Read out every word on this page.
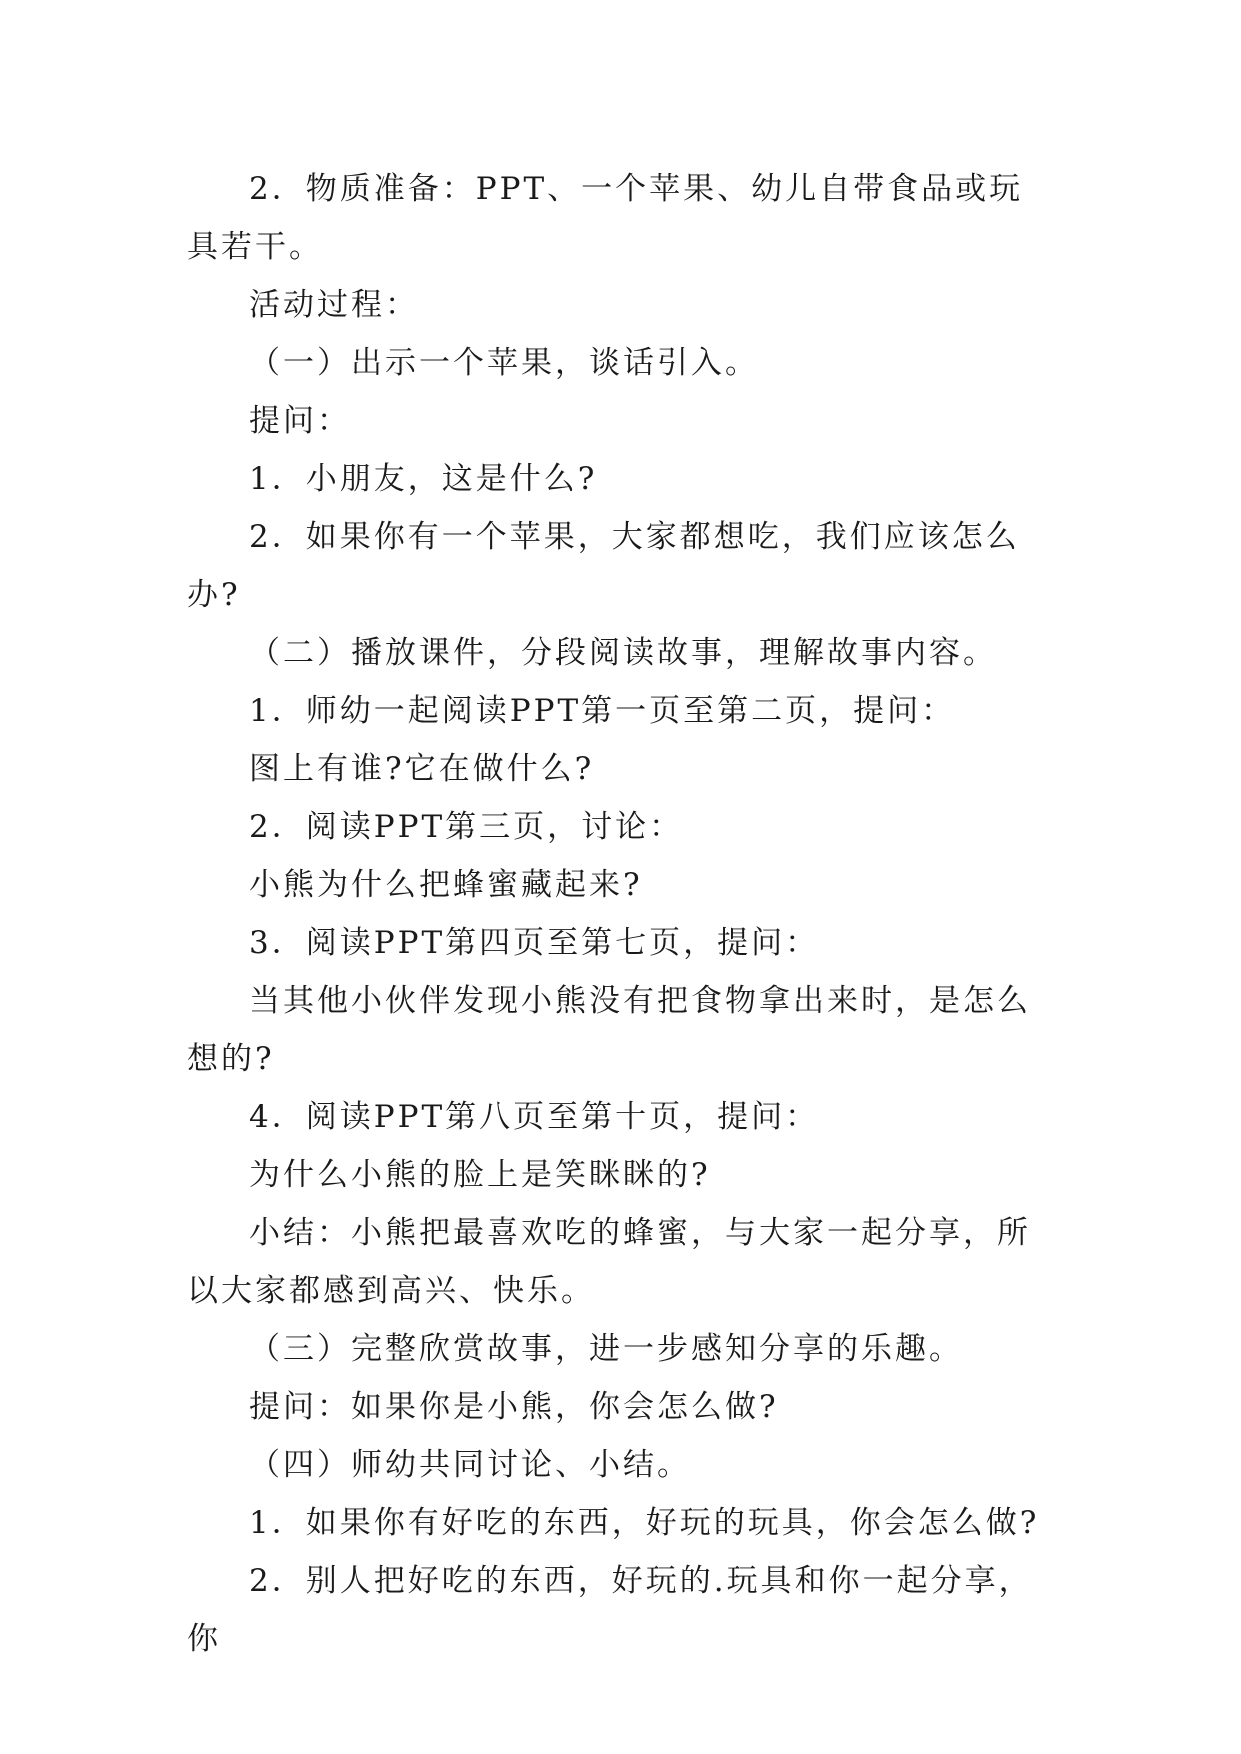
2．物质准备：PPT、一个苹果、幼儿自带食品或玩具若干。

活动过程：

（一）出示一个苹果，谈话引入。

提问：

1．小朋友，这是什么?

2．如果你有一个苹果，大家都想吃，我们应该怎么办?

（二）播放课件，分段阅读故事，理解故事内容。

1．师幼一起阅读PPT第一页至第二页，提问：

图上有谁?它在做什么?

2．阅读PPT第三页，讨论：

小熊为什么把蜂蜜藏起来?

3．阅读PPT第四页至第七页，提问：

当其他小伙伴发现小熊没有把食物拿出来时，是怎么想的?

4．阅读PPT第八页至第十页，提问：

为什么小熊的脸上是笑眯眯的?

小结：小熊把最喜欢吃的蜂蜜，与大家一起分享，所以大家都感到高兴、快乐。

（三）完整欣赏故事，进一步感知分享的乐趣。

提问：如果你是小熊，你会怎么做?

（四）师幼共同讨论、小结。

1．如果你有好吃的东西，好玩的玩具，你会怎么做?

2．别人把好吃的东西，好玩的.玩具和你一起分享，你
